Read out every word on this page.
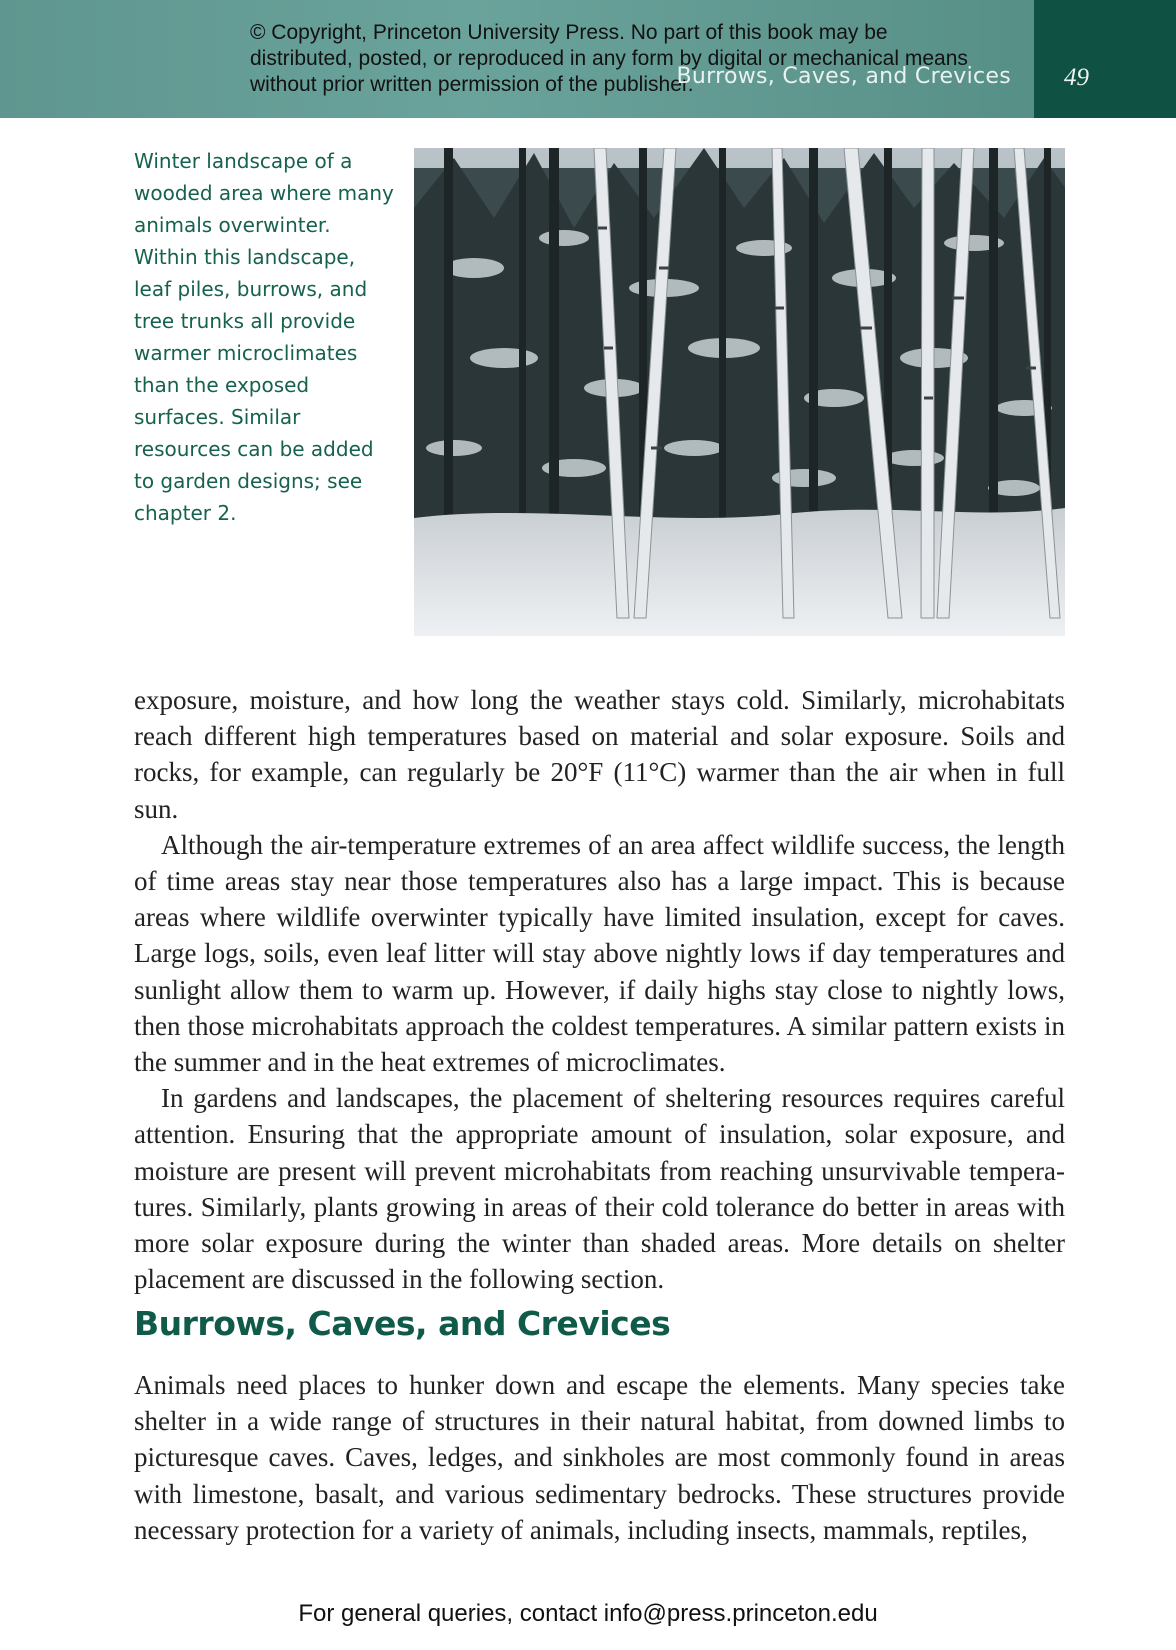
© Copyright, Princeton University Press. No part of this book may be distributed, posted, or reproduced in any form by digital or mechanical means without prior written permission of the publisher.
Burrows, Caves, and Crevices 49
Winter landscape of a wooded area where many animals overwinter. Within this landscape, leaf piles, burrows, and tree trunks all provide warmer microclimates than the exposed surfaces. Similar resources can be added to garden designs; see chapter 2.

exposure, moisture, and how long the weather stays cold. Similarly, microhabitats reach different high temperatures based on material and solar exposure. Soils and rocks, for example, can regularly be 20°F (11°C) warmer than the air when in full sun.

Although the air-temperature extremes of an area affect wildlife success, the length of time areas stay near those temperatures also has a large impact. This is because areas where wildlife overwinter typically have limited insulation, except for caves. Large logs, soils, even leaf litter will stay above nightly lows if day temperatures and sunlight allow them to warm up. However, if daily highs stay close to nightly lows, then those microhabitats approach the coldest temperatures. A similar pattern exists in the summer and in the heat extremes of microclimates.

In gardens and landscapes, the placement of sheltering resources requires careful attention. Ensuring that the appropriate amount of insulation, solar exposure, and moisture are present will prevent microhabitats from reaching unsurvivable temperatures. Similarly, plants growing in areas of their cold tolerance do better in areas with more solar exposure during the winter than shaded areas. More details on shelter placement are discussed in the following section.

Burrows, Caves, and Crevices

Animals need places to hunker down and escape the elements. Many species take shelter in a wide range of structures in their natural habitat, from downed limbs to picturesque caves. Caves, ledges, and sinkholes are most commonly found in areas with limestone, basalt, and various sedimentary bedrocks. These structures provide necessary protection for a variety of animals, including insects, mammals, reptiles,

For general queries, contact info@press.princeton.edu
